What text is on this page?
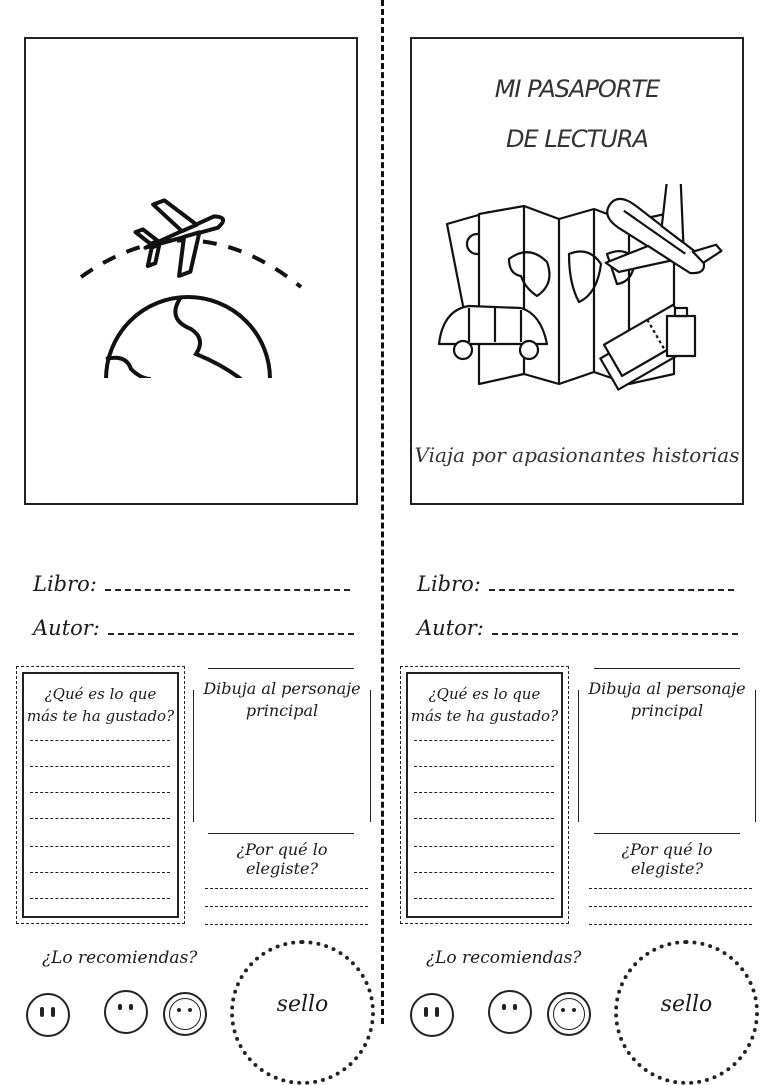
MI PASAPORTE
DE LECTURA
Viaja por apasionantes historias
Libro:
Autor:
¿Qué es lo que
más te ha gustado?
Dibuja al personaje
principal
¿Por qué lo
elegiste?
¿Lo recomiendas?
sello
Libro:
Autor:
¿Qué es lo que
más te ha gustado?
Dibuja al personaje
principal
¿Por qué lo
elegiste?
¿Lo recomiendas?
sello
